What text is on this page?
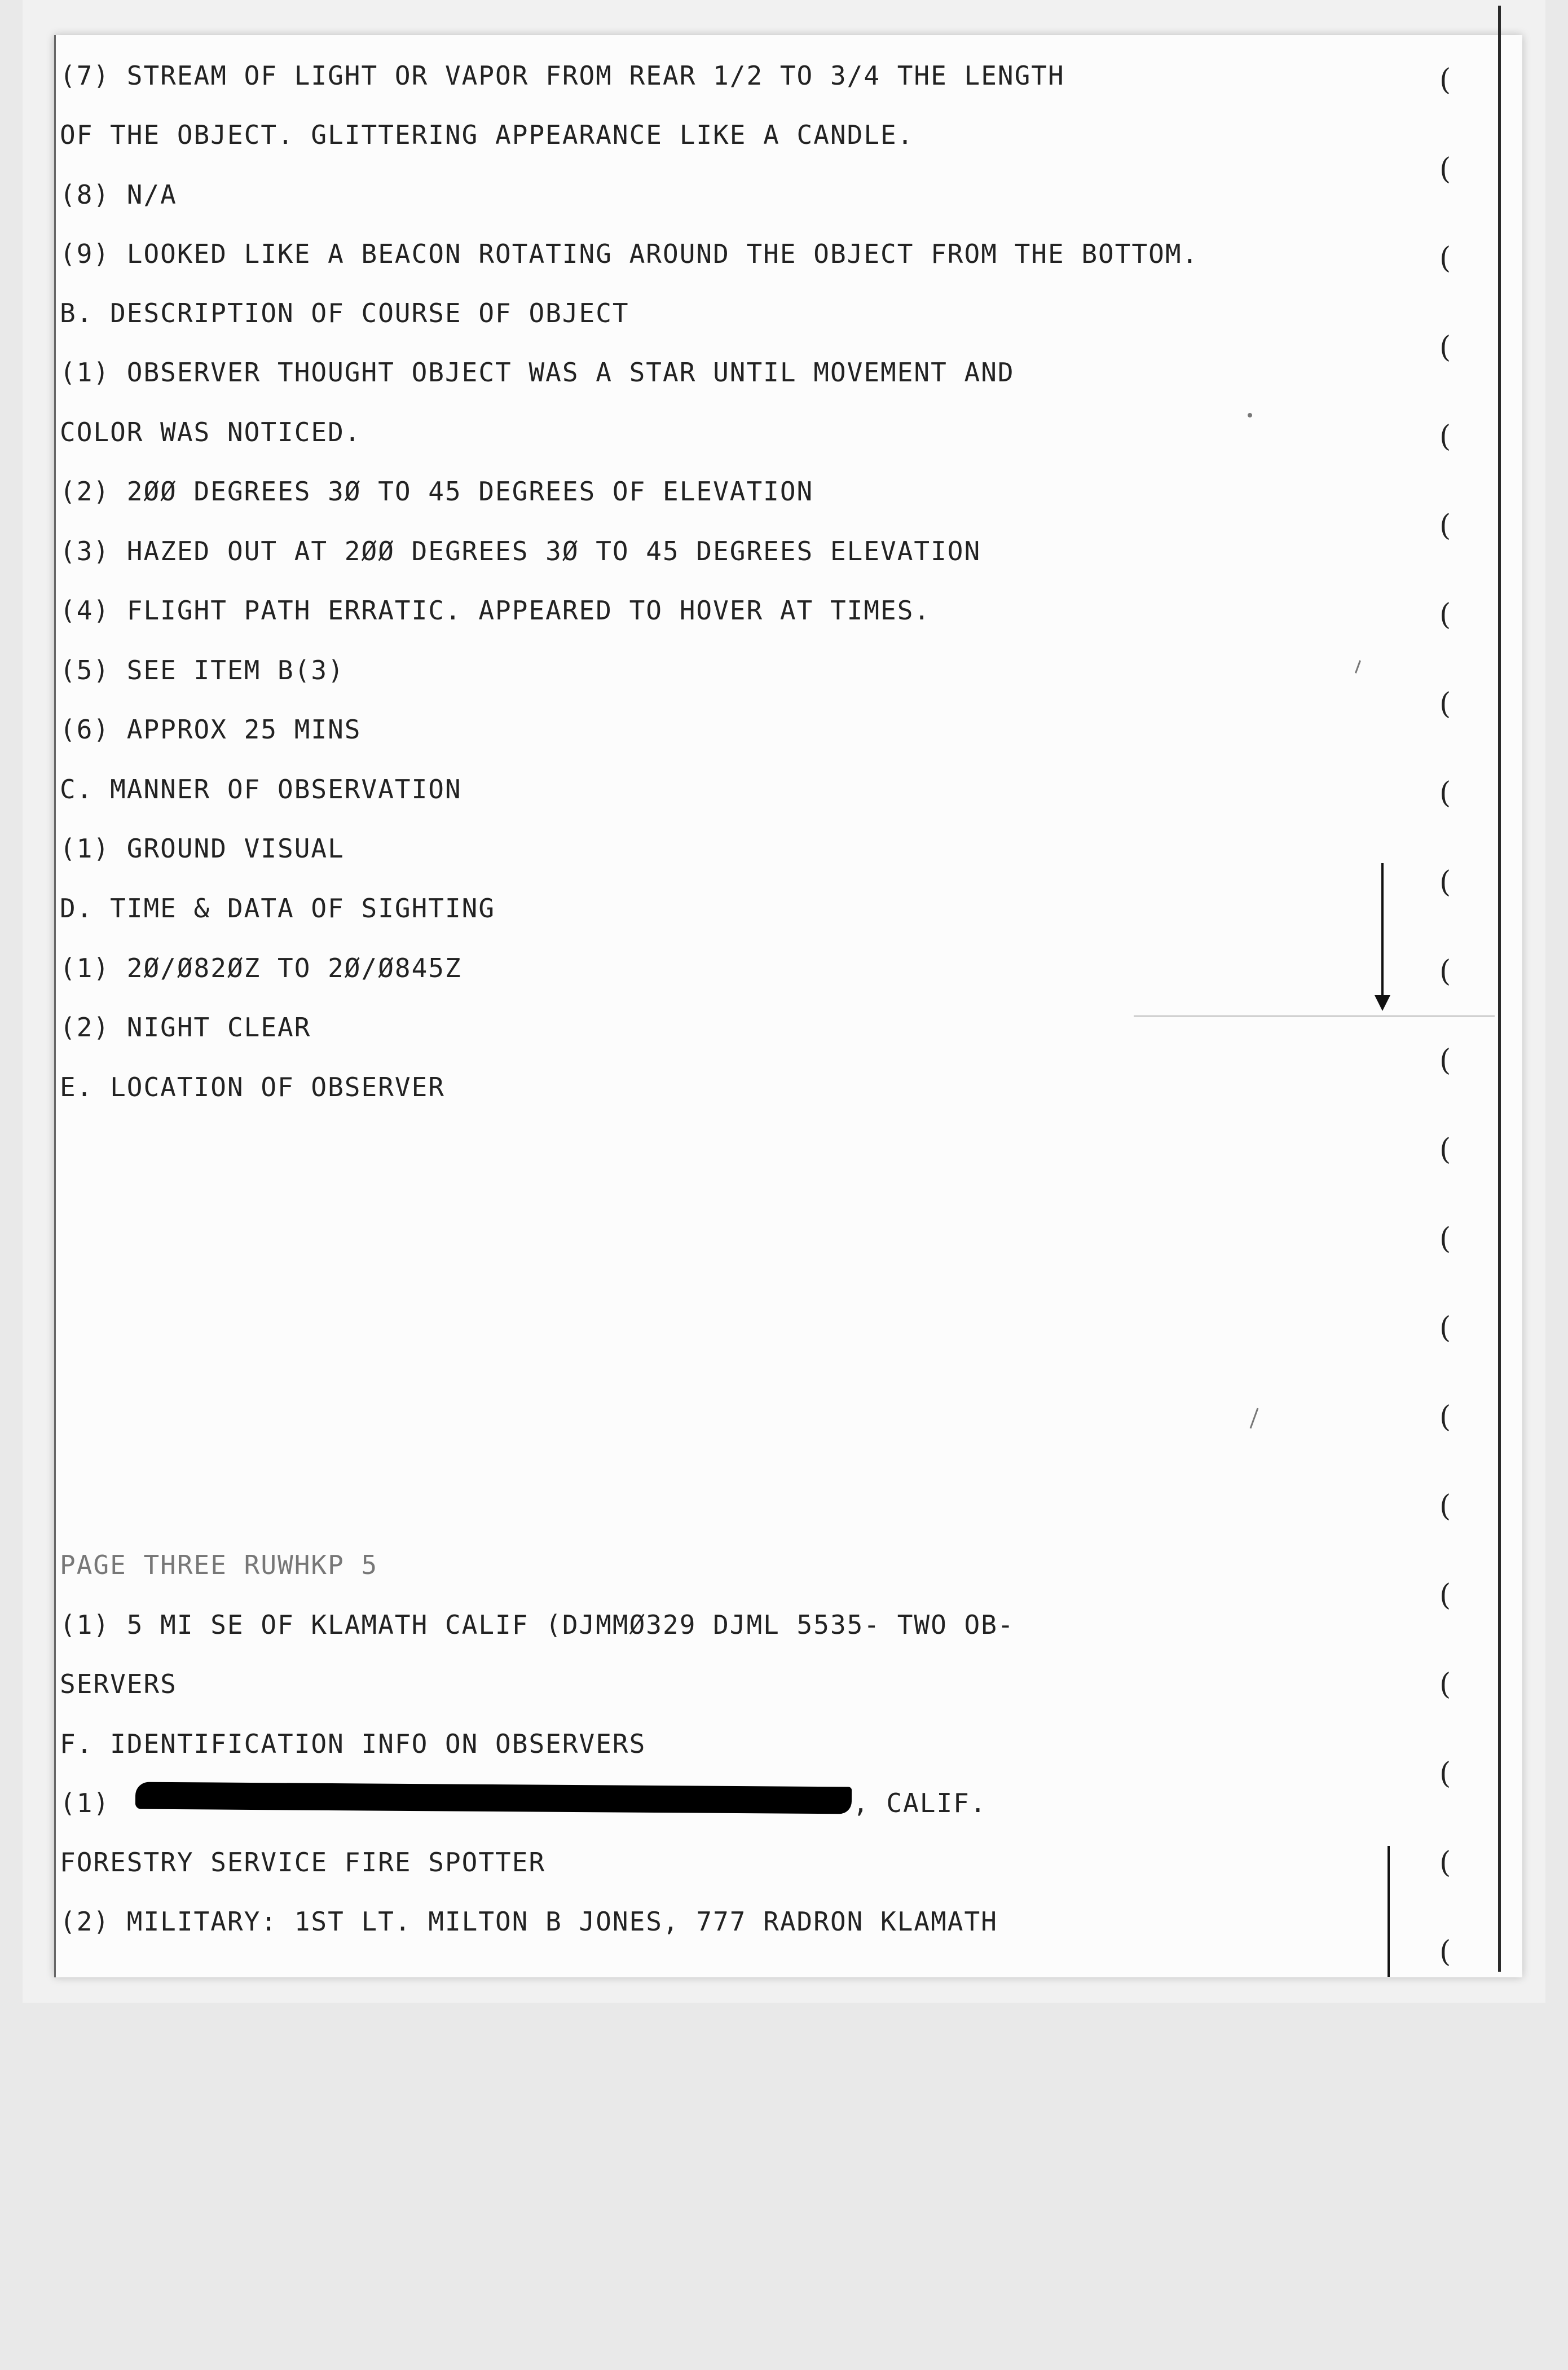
(7) STREAM OF LIGHT OR VAPOR FROM REAR 1/2 TO 3/4 THE LENGTH
OF THE OBJECT. GLITTERING APPEARANCE LIKE A CANDLE.
(8) N/A
(9) LOOKED LIKE A BEACON ROTATING AROUND THE OBJECT FROM THE BOTTOM.
B. DESCRIPTION OF COURSE OF OBJECT
(1) OBSERVER THOUGHT OBJECT WAS A STAR UNTIL MOVEMENT AND
COLOR WAS NOTICED.
(2) 2ØØ DEGREES 3Ø TO 45 DEGREES OF ELEVATION
(3) HAZED OUT AT 2ØØ DEGREES 3Ø TO 45 DEGREES ELEVATION
(4) FLIGHT PATH ERRATIC. APPEARED TO HOVER AT TIMES.
(5) SEE ITEM B(3)
(6) APPROX 25 MINS
C. MANNER OF OBSERVATION
(1) GROUND VISUAL
D. TIME & DATA OF SIGHTING
(1) 2Ø/Ø82ØZ TO 2Ø/Ø845Z
(2) NIGHT CLEAR
E. LOCATION OF OBSERVER
PAGE THREE RUWHKP 5
(1) 5 MI SE OF KLAMATH CALIF (DJMMØ329 DJML 5535- TWO OB-
SERVERS
F. IDENTIFICATION INFO ON OBSERVERS
(1)	, CALIF.
FORESTRY SERVICE FIRE SPOTTER
(2) MILITARY: 1ST LT. MILTON B JONES, 777 RADRON KLAMATH
(
(
(
(
(
(
(
(
(
(
(
(
(
(
(
(
(
(
(
(
(
(
